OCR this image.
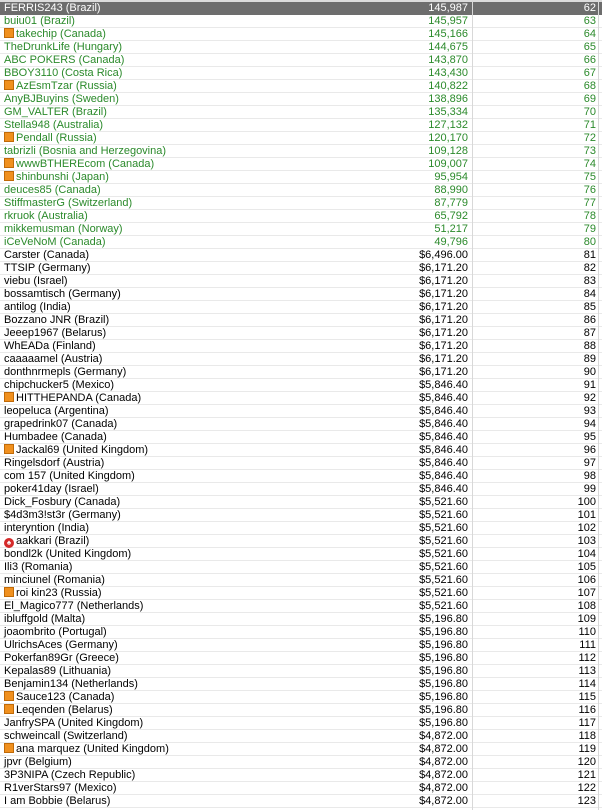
FERRIS243 (Brazil)	145,987	62
buiu01 (Brazil)	145,957	63
takechip (Canada)	145,166	64
TheDrunkLife (Hungary)	144,675	65
ABC POKERS (Canada)	143,870	66
BBOY3110 (Costa Rica)	143,430	67
AzEsmTzar (Russia)	140,822	68
AnyBJBuyins (Sweden)	138,896	69
GM_VALTER (Brazil)	135,334	70
Stella948 (Australia)	127,132	71
Pendall (Russia)	120,170	72
tabrizli (Bosnia and Herzegovina)	109,128	73
wwwBTHEREcom (Canada)	109,007	74
shinbunshi (Japan)	95,954	75
deuces85 (Canada)	88,990	76
StiffmasterG (Switzerland)	87,779	77
rkruok (Australia)	65,792	78
mikkemusman (Norway)	51,217	79
iCeVeNoM (Canada)	49,796	80
Carster (Canada)	$6,496.00	81
TTSIP (Germany)	$6,171.20	82
viebu (Israel)	$6,171.20	83
bossamtisch (Germany)	$6,171.20	84
antilog (India)	$6,171.20	85
Bozzano JNR (Brazil)	$6,171.20	86
Jeeep1967 (Belarus)	$6,171.20	87
WhEADa (Finland)	$6,171.20	88
caaaaamel (Austria)	$6,171.20	89
donthnrmepls (Germany)	$6,171.20	90
chipchucker5 (Mexico)	$5,846.40	91
HITTHEPANDA (Canada)	$5,846.40	92
leopeluca (Argentina)	$5,846.40	93
grapedrink07 (Canada)	$5,846.40	94
Humbadee (Canada)	$5,846.40	95
Jackal69 (United Kingdom)	$5,846.40	96
Ringelsdorf (Austria)	$5,846.40	97
com 157 (United Kingdom)	$5,846.40	98
poker41day (Israel)	$5,846.40	99
Dick_Fosbury (Canada)	$5,521.60	100
$4d3m3!st3r (Germany)	$5,521.60	101
interyntion (India)	$5,521.60	102
♠ aakkari (Brazil)	$5,521.60	103
bondl2k (United Kingdom)	$5,521.60	104
Ili3 (Romania)	$5,521.60	105
minciunel (Romania)	$5,521.60	106
roi kin23 (Russia)	$5,521.60	107
El_Magico777 (Netherlands)	$5,521.60	108
ibluffgold (Malta)	$5,196.80	109
joaombrito (Portugal)	$5,196.80	110
UlrichsAces (Germany)	$5,196.80	111
Pokerfan89Gr (Greece)	$5,196.80	112
Kepalas89 (Lithuania)	$5,196.80	113
Benjamin134 (Netherlands)	$5,196.80	114
Sauce123 (Canada)	$5,196.80	115
Leqenden (Belarus)	$5,196.80	116
JanfrySPA (United Kingdom)	$5,196.80	117
schweincall (Switzerland)	$4,872.00	118
ana marquez (United Kingdom)	$4,872.00	119
jpvr (Belgium)	$4,872.00	120
3P3NIPA (Czech Republic)	$4,872.00	121
R1verStars97 (Mexico)	$4,872.00	122
I am Bobbie (Belarus)	$4,872.00	123
